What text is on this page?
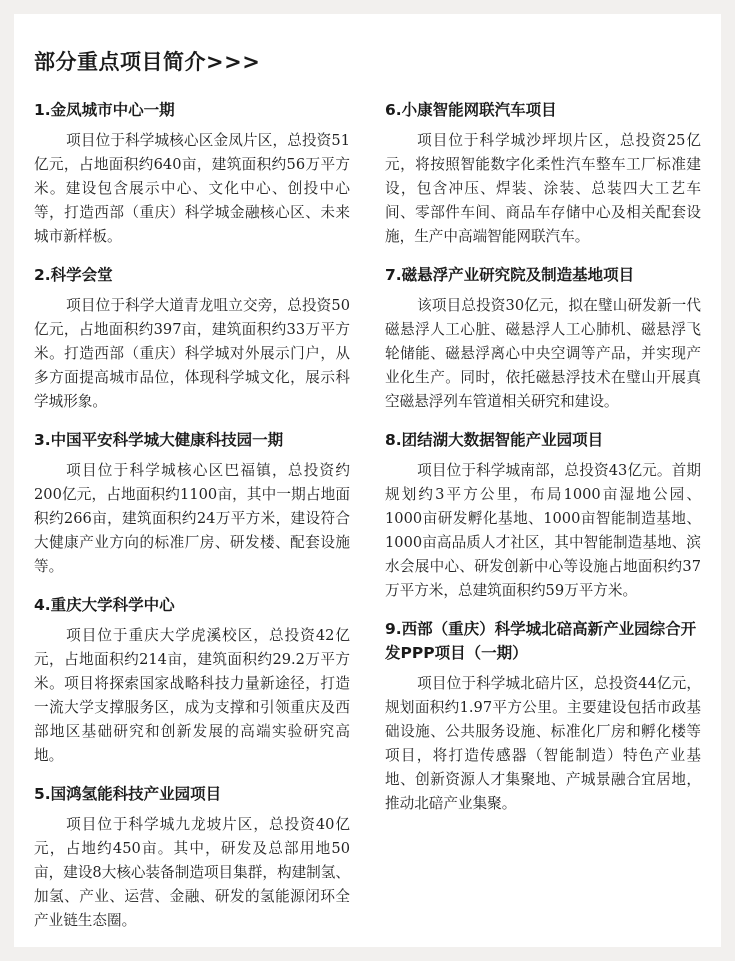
部分重点项目简介>>>
1.金凤城市中心一期

项目位于科学城核心区金凤片区，总投资51亿元，占地面积约640亩，建筑面积约56万平方米。建设包含展示中心、文化中心、创投中心等，打造西部（重庆）科学城金融核心区、未来城市新样板。

2.科学会堂

项目位于科学大道青龙咀立交旁，总投资50亿元，占地面积约397亩，建筑面积约33万平方米。打造西部（重庆）科学城对外展示门户，从多方面提高城市品位，体现科学城文化，展示科学城形象。

3.中国平安科学城大健康科技园一期

项目位于科学城核心区巴福镇，总投资约200亿元，占地面积约1100亩，其中一期占地面积约266亩，建筑面积约24万平方米，建设符合大健康产业方向的标准厂房、研发楼、配套设施等。

4.重庆大学科学中心

项目位于重庆大学虎溪校区，总投资42亿元，占地面积约214亩，建筑面积约29.2万平方米。项目将探索国家战略科技力量新途径，打造一流大学支撑服务区，成为支撑和引领重庆及西部地区基础研究和创新发展的高端实验研究高地。

5.国鸿氢能科技产业园项目

项目位于科学城九龙坡片区，总投资40亿元，占地约450亩。其中，研发及总部用地50亩，建设8大核心装备制造项目集群，构建制氢、加氢、产业、运营、金融、研发的氢能源闭环全产业链生态圈。

6.小康智能网联汽车项目

项目位于科学城沙坪坝片区，总投资25亿元，将按照智能数字化柔性汽车整车工厂标准建设，包含冲压、焊装、涂装、总装四大工艺车间、零部件车间、商品车存储中心及相关配套设施，生产中高端智能网联汽车。

7.磁悬浮产业研究院及制造基地项目

该项目总投资30亿元，拟在璧山研发新一代磁悬浮人工心脏、磁悬浮人工心肺机、磁悬浮飞轮储能、磁悬浮离心中央空调等产品，并实现产业化生产。同时，依托磁悬浮技术在璧山开展真空磁悬浮列车管道相关研究和建设。

8.团结湖大数据智能产业园项目

项目位于科学城南部，总投资43亿元。首期规划约3平方公里，布局1000亩湿地公园、1000亩研发孵化基地、1000亩智能制造基地、1000亩高品质人才社区，其中智能制造基地、滨水会展中心、研发创新中心等设施占地面积约37万平方米，总建筑面积约59万平方米。

9.西部（重庆）科学城北碚高新产业园综合开发PPP项目（一期）

项目位于科学城北碚片区，总投资44亿元，规划面积约1.97平方公里。主要建设包括市政基础设施、公共服务设施、标准化厂房和孵化楼等项目，将打造传感器（智能制造）特色产业基地、创新资源人才集聚地、产城景融合宜居地，推动北碚产业集聚。
